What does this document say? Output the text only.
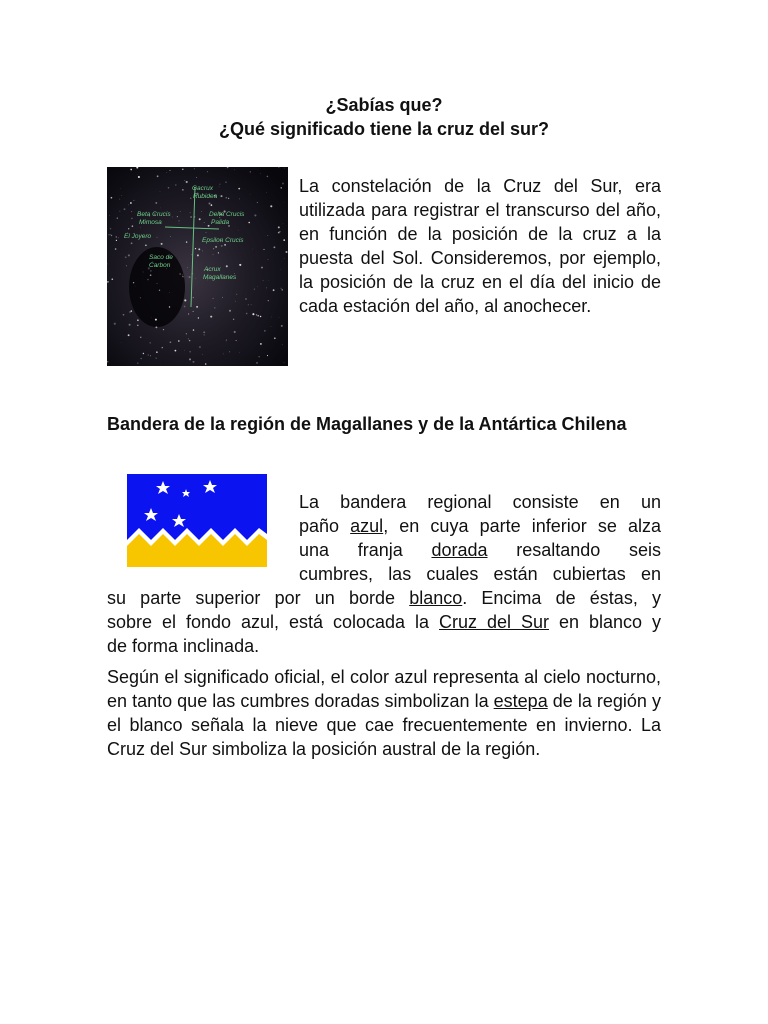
¿Sabías que?
¿Qué significado tiene la cruz del sur?
Gacrux
Rubidea
Beta Crucis
Mimosa
Delta Crucis
Palida
El Joyero
Epsilon Crucis
Saco de
Carbon
Acrux
Magallanes

La constelación de la Cruz del Sur, era utilizada para registrar el transcurso del año, en función de la posición de la cruz a la puesta del Sol. Consideremos, por ejemplo, la posición de la cruz en el día del inicio de cada estación del año, al anochecer.

Bandera de la región de Magallanes y de la Antártica Chilena
La bandera regional consiste en un
paño azul, en cuya parte inferior se alza
una franja dorada resaltando seis
cumbres, las cuales están cubiertas en
su parte superior por un borde blanco. Encima de éstas, y
sobre el fondo azul, está colocada la Cruz del Sur en blanco y
de forma inclinada.

Según el significado oficial, el color azul representa al cielo nocturno, en tanto que las cumbres doradas simbolizan la estepa de la región y el blanco señala la nieve que cae frecuentemente en invierno. La Cruz del Sur simboliza la posición austral de la región.
